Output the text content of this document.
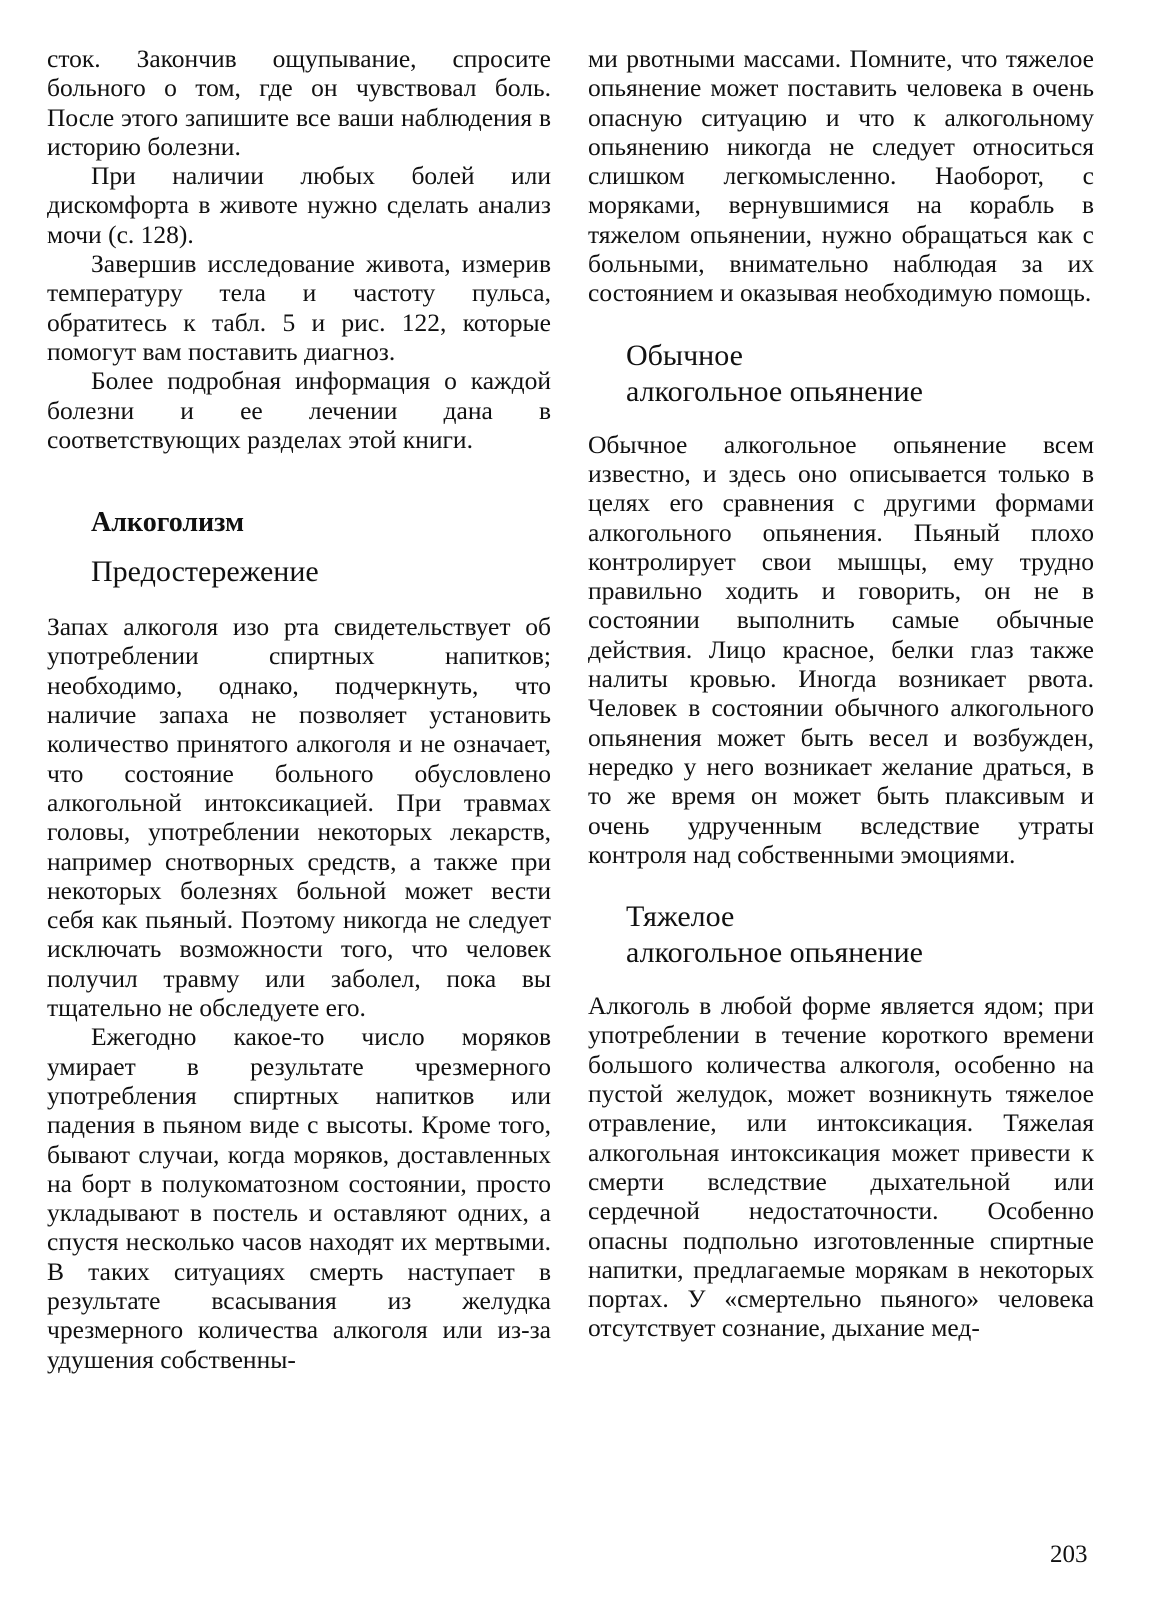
сток. Закончив ощупывание, спросите больного о том, где он чувствовал боль. После этого запишите все ваши наблюдения в историю болезни.

При наличии любых болей или дискомфорта в животе нужно сделать анализ мочи (с. 128).

Завершив исследование живота, измерив температуру тела и частоту пульса, обратитесь к табл. 5 и рис. 122, которые помогут вам поставить диагноз.

Более подробная информация о каждой болезни и ее лечении дана в соответствующих разделах этой книги.

Алкоголизм
Предостережение

Запах алкоголя изо рта свидетельствует об употреблении спиртных напитков; необходимо, однако, подчеркнуть, что наличие запаха не позволяет установить количество принятого алкоголя и не означает, что состояние больного обусловлено алкогольной интоксикацией. При травмах головы, употреблении некоторых лекарств, например снотворных средств, а также при некоторых болезнях больной может вести себя как пьяный. Поэтому никогда не следует исключать возможности того, что человек получил травму или заболел, пока вы тщательно не обследуете его.

Ежегодно какое-то число моряков умирает в результате чрезмерного употребления спиртных напитков или падения в пьяном виде с высоты. Кроме того, бывают случаи, когда моряков, доставленных на борт в полукоматозном состоянии, просто укладывают в постель и оставляют одних, а спустя несколько часов находят их мертвыми. В таких ситуациях смерть наступает в результате всасывания из желудка чрезмерного количества алкоголя или из-за удушения собственны-

ми рвотными массами. Помните, что тяжелое опьянение может поставить человека в очень опасную ситуацию и что к алкогольному опьянению никогда не следует относиться слишком легкомысленно. Наоборот, с моряками, вернувшимися на корабль в тяжелом опьянении, нужно обращаться как с больными, внимательно наблюдая за их состоянием и оказывая необходимую помощь.

Обычное
алкогольное опьянение

Обычное алкогольное опьянение всем известно, и здесь оно описывается только в целях его сравнения с другими формами алкогольного опьянения. Пьяный плохо контролирует свои мышцы, ему трудно правильно ходить и говорить, он не в состоянии выполнить самые обычные действия. Лицо красное, белки глаз также налиты кровью. Иногда возникает рвота. Человек в состоянии обычного алкогольного опьянения может быть весел и возбужден, нередко у него возникает желание драться, в то же время он может быть плаксивым и очень удрученным вследствие утраты контроля над собственными эмоциями.

Тяжелое
алкогольное опьянение

Алкоголь в любой форме является ядом; при употреблении в течение короткого времени большого количества алкоголя, особенно на пустой желудок, может возникнуть тяжелое отравление, или интоксикация. Тяжелая алкогольная интоксикация может привести к смерти вследствие дыхательной или сердечной недостаточности. Особенно опасны подпольно изготовленные спиртные напитки, предлагаемые морякам в некоторых портах. У «смертельно пьяного» человека отсутствует сознание, дыхание мед-

203
